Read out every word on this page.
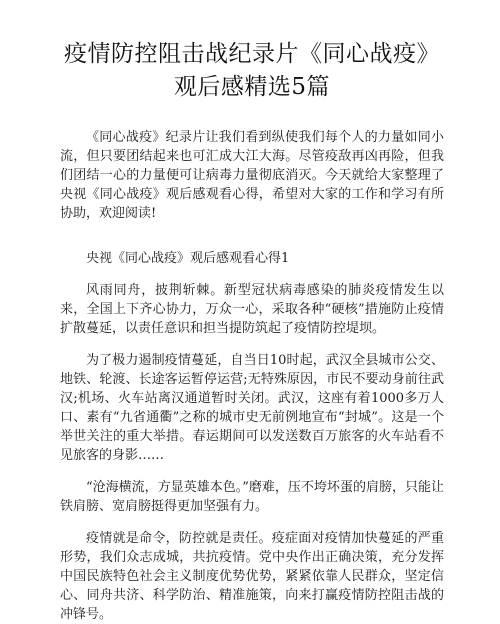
疫情防控阻击战纪录片《同心战疫》观后感精选5篇

《同心战疫》纪录片让我们看到纵使我们每个人的力量如同小流，但只要团结起来也可汇成大江大海。尽管疫敌再凶再险，但我们团结一心的力量便可让病毒力量彻底消灭。今天就给大家整理了央视《同心战疫》观后感观看心得，希望对大家的工作和学习有所协助，欢迎阅读!

央视《同心战疫》观后感观看心得1

风雨同舟，披荆斩棘。新型冠状病毒感染的肺炎疫情发生以来，全国上下齐心协力，万众一心，采取各种“硬核”措施防止疫情扩散蔓延，以责任意识和担当提防筑起了疫情防控堤坝。

为了极力遏制疫情蔓延，自当日10时起，武汉全县城市公交、地铁、轮渡、长途客运暂停运营;无特殊原因，市民不要动身前往武汉;机场、火车站离汉通道暂时关闭。武汉，这座有着1000多万人口、素有“九省通衢”之称的城市史无前例地宣布“封城”。这是一个举世关注的重大举措。春运期间可以发送数百万旅客的火车站看不见旅客的身影……

“沧海横流，方显英雄本色。”磨难，压不垮坏蛋的肩膀，只能让铁肩膀、宽肩膀挺得更加坚强有力。

疫情就是命令，防控就是责任。疫症面对疫情加快蔓延的严重形势，我们众志成城，共抗疫情。党中央作出正确决策，充分发挥中国民族特色社会主义制度优势优势，紧紧依靠人民群众，坚定信心、同舟共济、科学防治、精准施策，向来打赢疫情防控阻击战的冲锋号。
